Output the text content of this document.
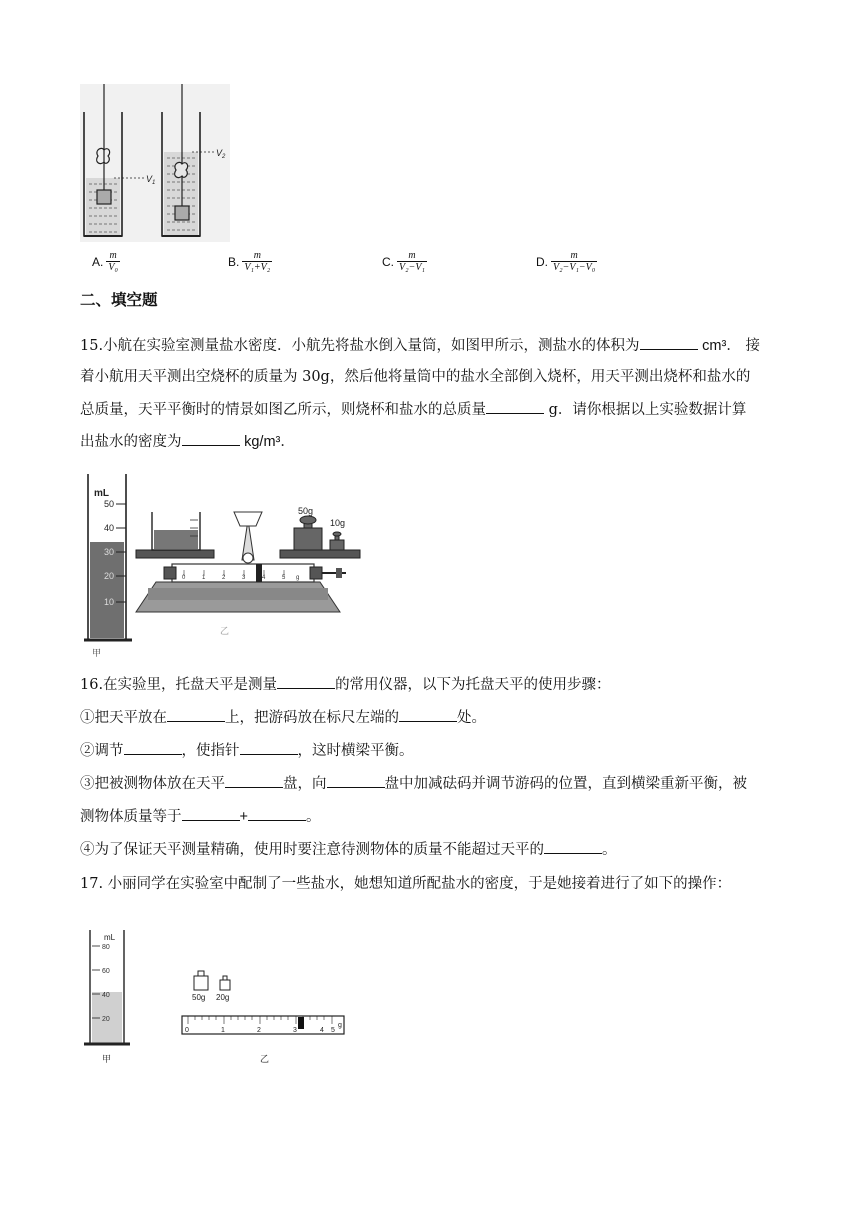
$V_1$
$V_2$
A. $\frac{m}{\text{V₀}}$	B. $\frac{m}{\text{V₁+V₂}}$	C. $\frac{m}{\text{V₂−V₁}}$	D. $\frac{m}{\text{V₂−V₁−V₀}}$
二、填空题
15.小航在实验室测量盐水密度．小航先将盐水倒入量筒，如图甲所示，测盐水的体积为	cm³． 接
着小航用天平测出空烧杯的质量为 30g，然后他将量筒中的盐水全部倒入烧杯，用天平测出烧杯和盐水的
总质量，天平平衡时的情景如图乙所示，则烧杯和盐水的总质量	g．请你根据以上实验数据计算
出盐水的密度为	kg/m³．
mL
50
40
30
20
10
甲
0	1	2	3	4	5 g
50g
10g
乙
16.在实验里，托盘天平是测量	的常用仪器，以下为托盘天平的使用步骤：
①把天平放在	上，把游码放在标尺左端的	处。
②调节	，使指针	，这时横梁平衡。
③把被测物体放在天平	盘，向	盘中加减砝码并调节游码的位置，直到横梁重新平衡，被
测物体质量等于	+	。
④为了保证天平测量精确，使用时要注意待测物体的质量不能超过天平的	。
17. 小丽同学在实验室中配制了一些盐水，她想知道所配盐水的密度，于是她接着进行了如下的操作：
mL
80
60
40
20
甲
50g 20g
0	1	2	3	4 5
g
乙
